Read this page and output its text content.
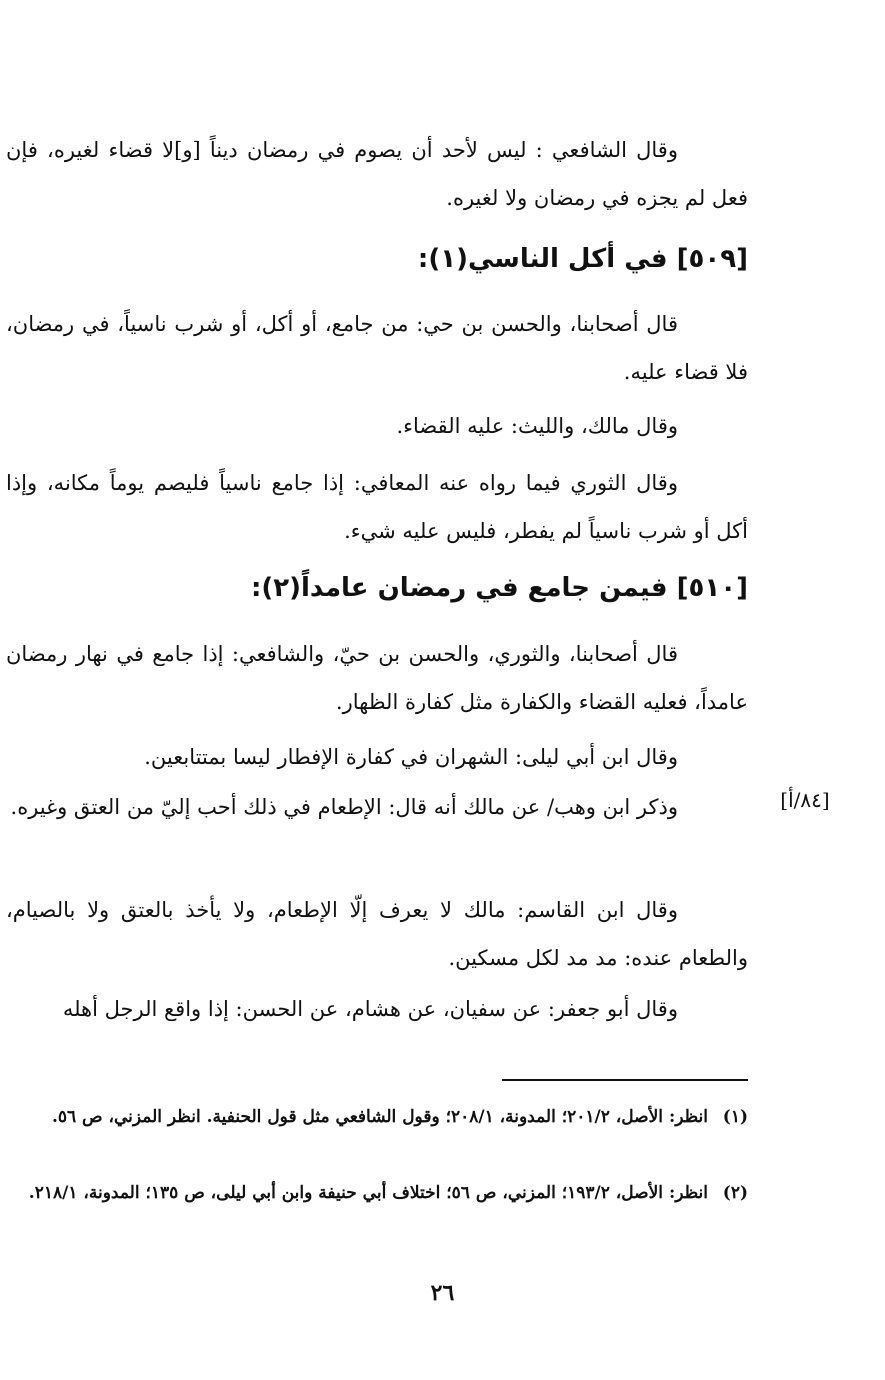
وقال الشافعي : ليس لأحد أن يصوم في رمضان ديناً [و]لا قضاء لغيره، فإن فعل لم يجزه في رمضان ولا لغيره.

[٥٠٩] في أكل الناسي(١):

قال أصحابنا، والحسن بن حي: من جامع، أو أكل، أو شرب ناسياً، في رمضان، فلا قضاء عليه.

وقال مالك، والليث: عليه القضاء.

وقال الثوري فيما رواه عنه المعافي: إذا جامع ناسياً فليصم يوماً مكانه، وإذا أكل أو شرب ناسياً لم يفطر، فليس عليه شيء.

[٥١٠] فيمن جامع في رمضان عامداً(٢):

قال أصحابنا، والثوري، والحسن بن حيّ، والشافعي: إذا جامع في نهار رمضان عامداً، فعليه القضاء والكفارة مثل كفارة الظهار.

وقال ابن أبي ليلى: الشهران في كفارة الإفطار ليسا بمتتابعين.

وذكر ابن وهب/ عن مالك أنه قال: الإطعام في ذلك أحب إليّ من العتق وغيره.	[٨٤/أ]

وقال ابن القاسم: مالك لا يعرف إلّا الإطعام، ولا يأخذ بالعتق ولا بالصيام، والطعام عنده: مد مد لكل مسكين.

وقال أبو جعفر: عن سفيان، عن هشام، عن الحسن: إذا واقع الرجل أهله

(١)انظر: الأصل، ٢٠١/٢؛ المدونة، ٢٠٨/١؛ وقول الشافعي مثل قول الحنفية. انظر المزني، ص ٥٦.
(٢)انظر: الأصل، ١٩٣/٢؛ المزني، ص ٥٦؛ اختلاف أبي حنيفة وابن أبي ليلى، ص ١٣٥؛ المدونة، ٢١٨/١.
٢٦
